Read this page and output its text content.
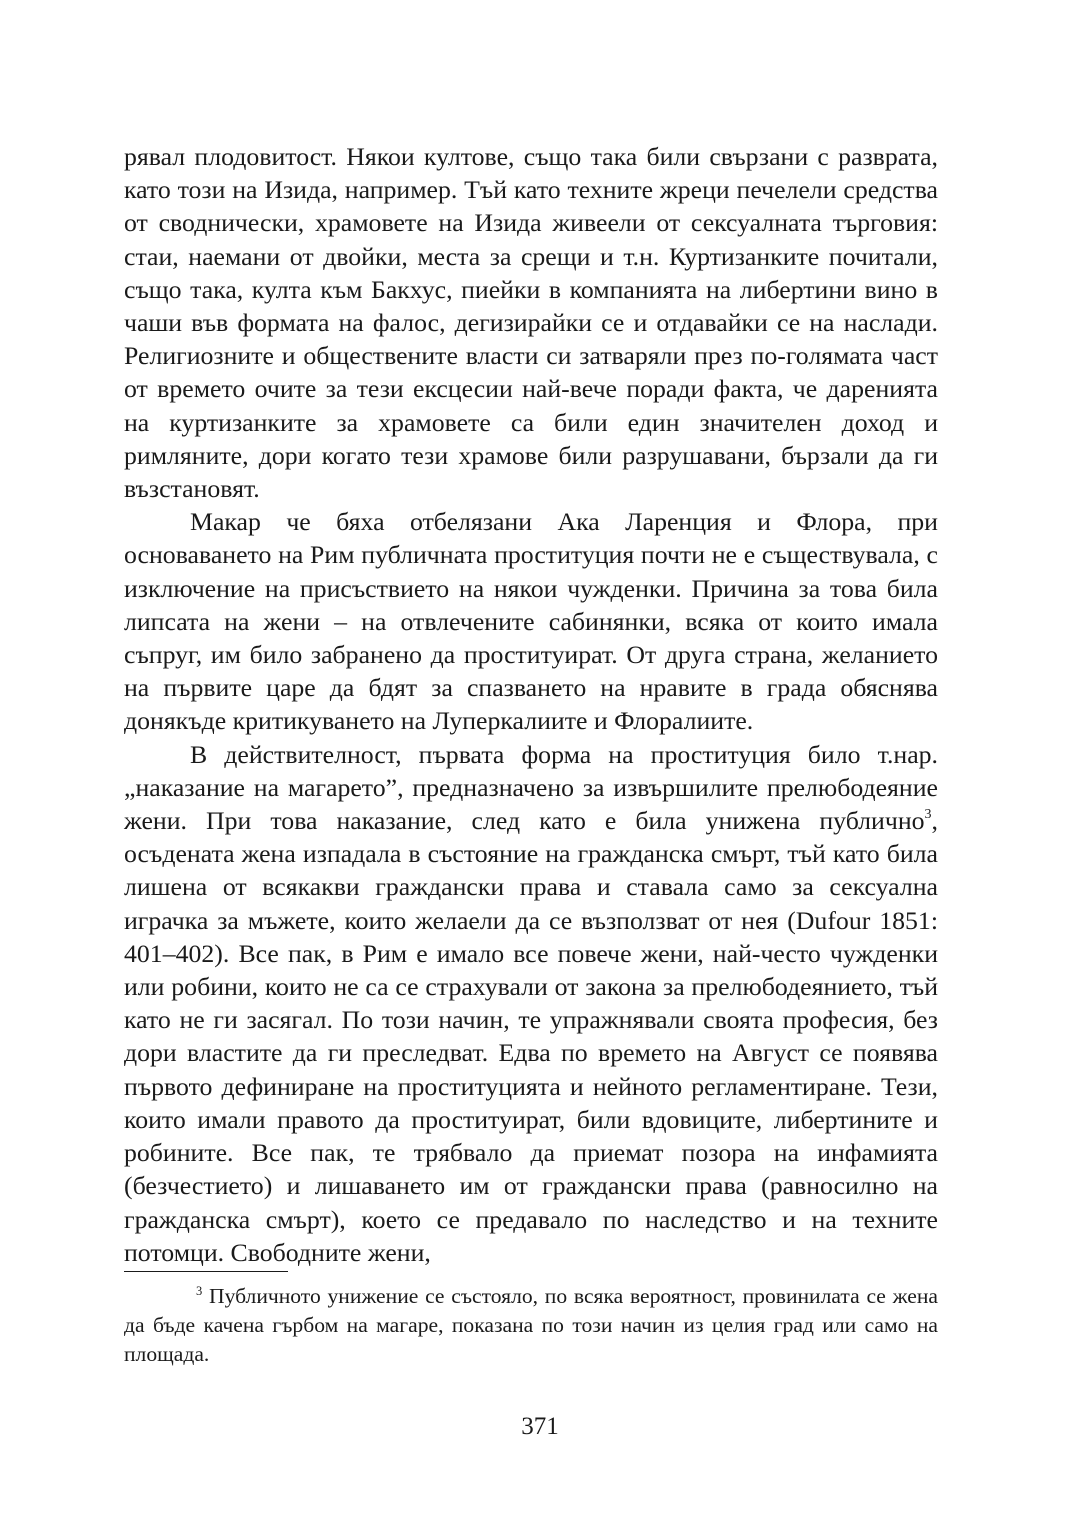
рявал плодовитост. Някои култове, също така били свързани с разврата, като този на Изида, например. Тъй като техните жреци печелели средства от своднически, храмовете на Изида живеели от сексуалната търговия: стаи, наемани от двойки, места за срещи и т.н. Куртизанките почитали, също така, култа към Бакхус, пиейки в компанията на либертини вино в чаши във формата на фалос, дегизирайки се и отдавайки се на наслади. Религиозните и обществените власти си затваряли през по-голямата част от времето очите за тези ексцесии най-вече поради факта, че даренията на куртизанките за храмовете са били един значителен доход и римляните, дори когато тези храмове били разрушавани, бързали да ги възстановят.

Макар че бяха отбелязани Ака Ларенция и Флора, при основаването на Рим публичната проституция почти не е съществувала, с изключение на присъствието на някои чужденки. Причина за това била липсата на жени – на отвлечените сабинянки, всяка от които имала съпруг, им било забранено да проституират. От друга страна, желанието на първите царе да бдят за спазването на нравите в града обяснява донякъде критикуването на Луперкалиите и Флоралиите.

В действителност, първата форма на проституция било т.нар. „наказание на магарето”, предназначено за извършилите прелюбодеяние жени. При това наказание, след като е била унижена публично$^3$, осъдената жена изпадала в състояние на гражданска смърт, тъй като била лишена от всякакви граждански права и ставала само за сексуална играчка за мъжете, които желаели да се възползват от нея (Dufour 1851: 401–402). Все пак, в Рим е имало все повече жени, най-често чужденки или робини, които не са се страхували от закона за прелюбодеянието, тъй като не ги засягал. По този начин, те упражнявали своята професия, без дори властите да ги преследват. Едва по времето на Август се появява първото дефиниране на проституцията и нейното регламентиране. Тези, които имали правото да проституират, били вдовиците, либертините и робините. Все пак, те трябвало да приемат позора на инфамията (безчестието) и лишаването им от граждански права (равносилно на гражданска смърт), което се предавало по наследство и на техните потомци. Свободните жени,

$^3$ Публичното унижение се състояло, по всяка вероятност, провинилата се жена да бъде качена гърбом на магаре, показана по този начин из целия град или само на площада.

371
